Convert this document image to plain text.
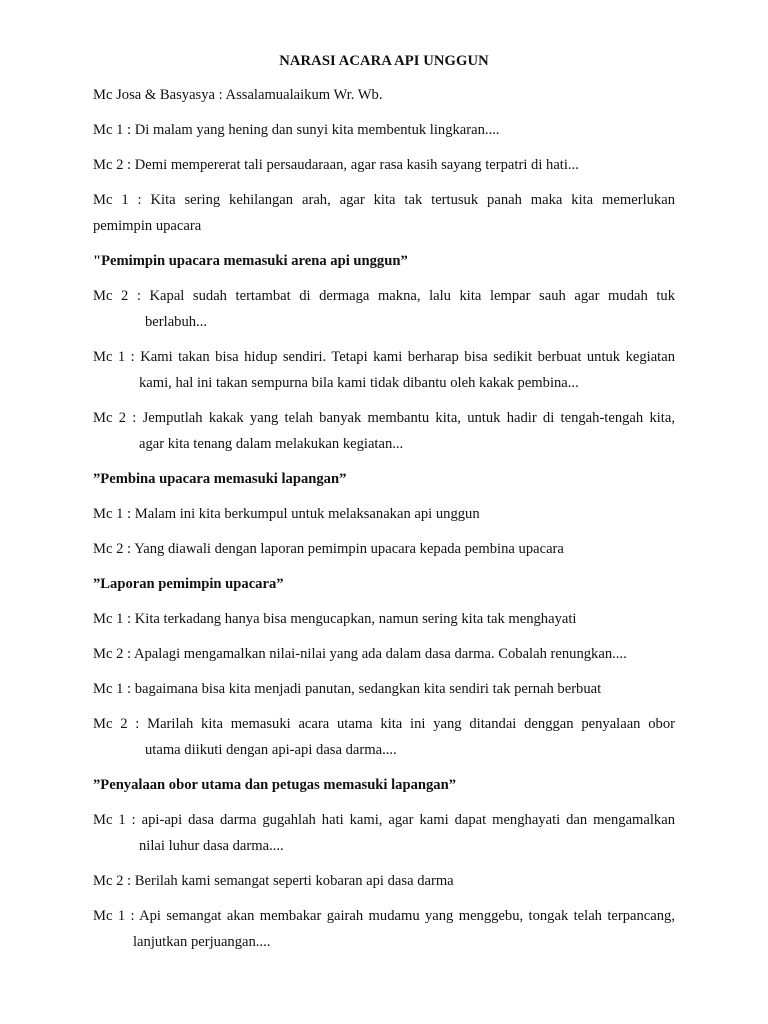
NARASI ACARA API UNGGUN
Mc Josa & Basyasya : Assalamualaikum Wr. Wb.
Mc 1 : Di malam yang hening dan sunyi kita membentuk lingkaran....
Mc 2 : Demi mempererat tali persaudaraan, agar rasa kasih sayang terpatri di hati...
Mc 1 : Kita sering kehilangan arah, agar kita tak tertusuk panah maka kita memerlukan
pemimpin upacara
"Pemimpin upacara memasuki arena api unggun”
Mc 2 : Kapal sudah tertambat di dermaga makna, lalu kita lempar sauh agar mudah tuk
berlabuh...
Mc 1 : Kami takan bisa hidup sendiri. Tetapi kami berharap bisa sedikit berbuat untuk kegiatan
kami, hal ini takan sempurna bila kami tidak dibantu oleh kakak pembina...
Mc 2 : Jemputlah kakak yang telah banyak membantu kita, untuk hadir di tengah-tengah kita,
agar kita tenang dalam melakukan kegiatan...
”Pembina upacara memasuki lapangan”
Mc 1 : Malam ini kita berkumpul untuk melaksanakan api unggun
Mc 2 : Yang diawali dengan laporan pemimpin upacara kepada pembina upacara
”Laporan pemimpin upacara”
Mc 1 : Kita terkadang hanya bisa mengucapkan, namun sering kita tak menghayati
Mc 2 : Apalagi mengamalkan nilai-nilai yang ada dalam dasa darma. Cobalah renungkan....
Mc 1 : bagaimana bisa kita menjadi panutan, sedangkan kita sendiri tak pernah berbuat
Mc 2 : Marilah kita memasuki acara utama kita ini yang ditandai denggan penyalaan obor
utama diikuti dengan api-api dasa darma....
”Penyalaan obor utama dan petugas memasuki lapangan”
Mc 1 : api-api dasa darma gugahlah hati kami, agar kami dapat menghayati dan mengamalkan
nilai luhur dasa darma....
Mc 2 : Berilah kami semangat seperti kobaran api dasa darma
Mc 1 : Api semangat akan membakar gairah mudamu yang menggebu, tongak telah terpancang,
lanjutkan perjuangan....
